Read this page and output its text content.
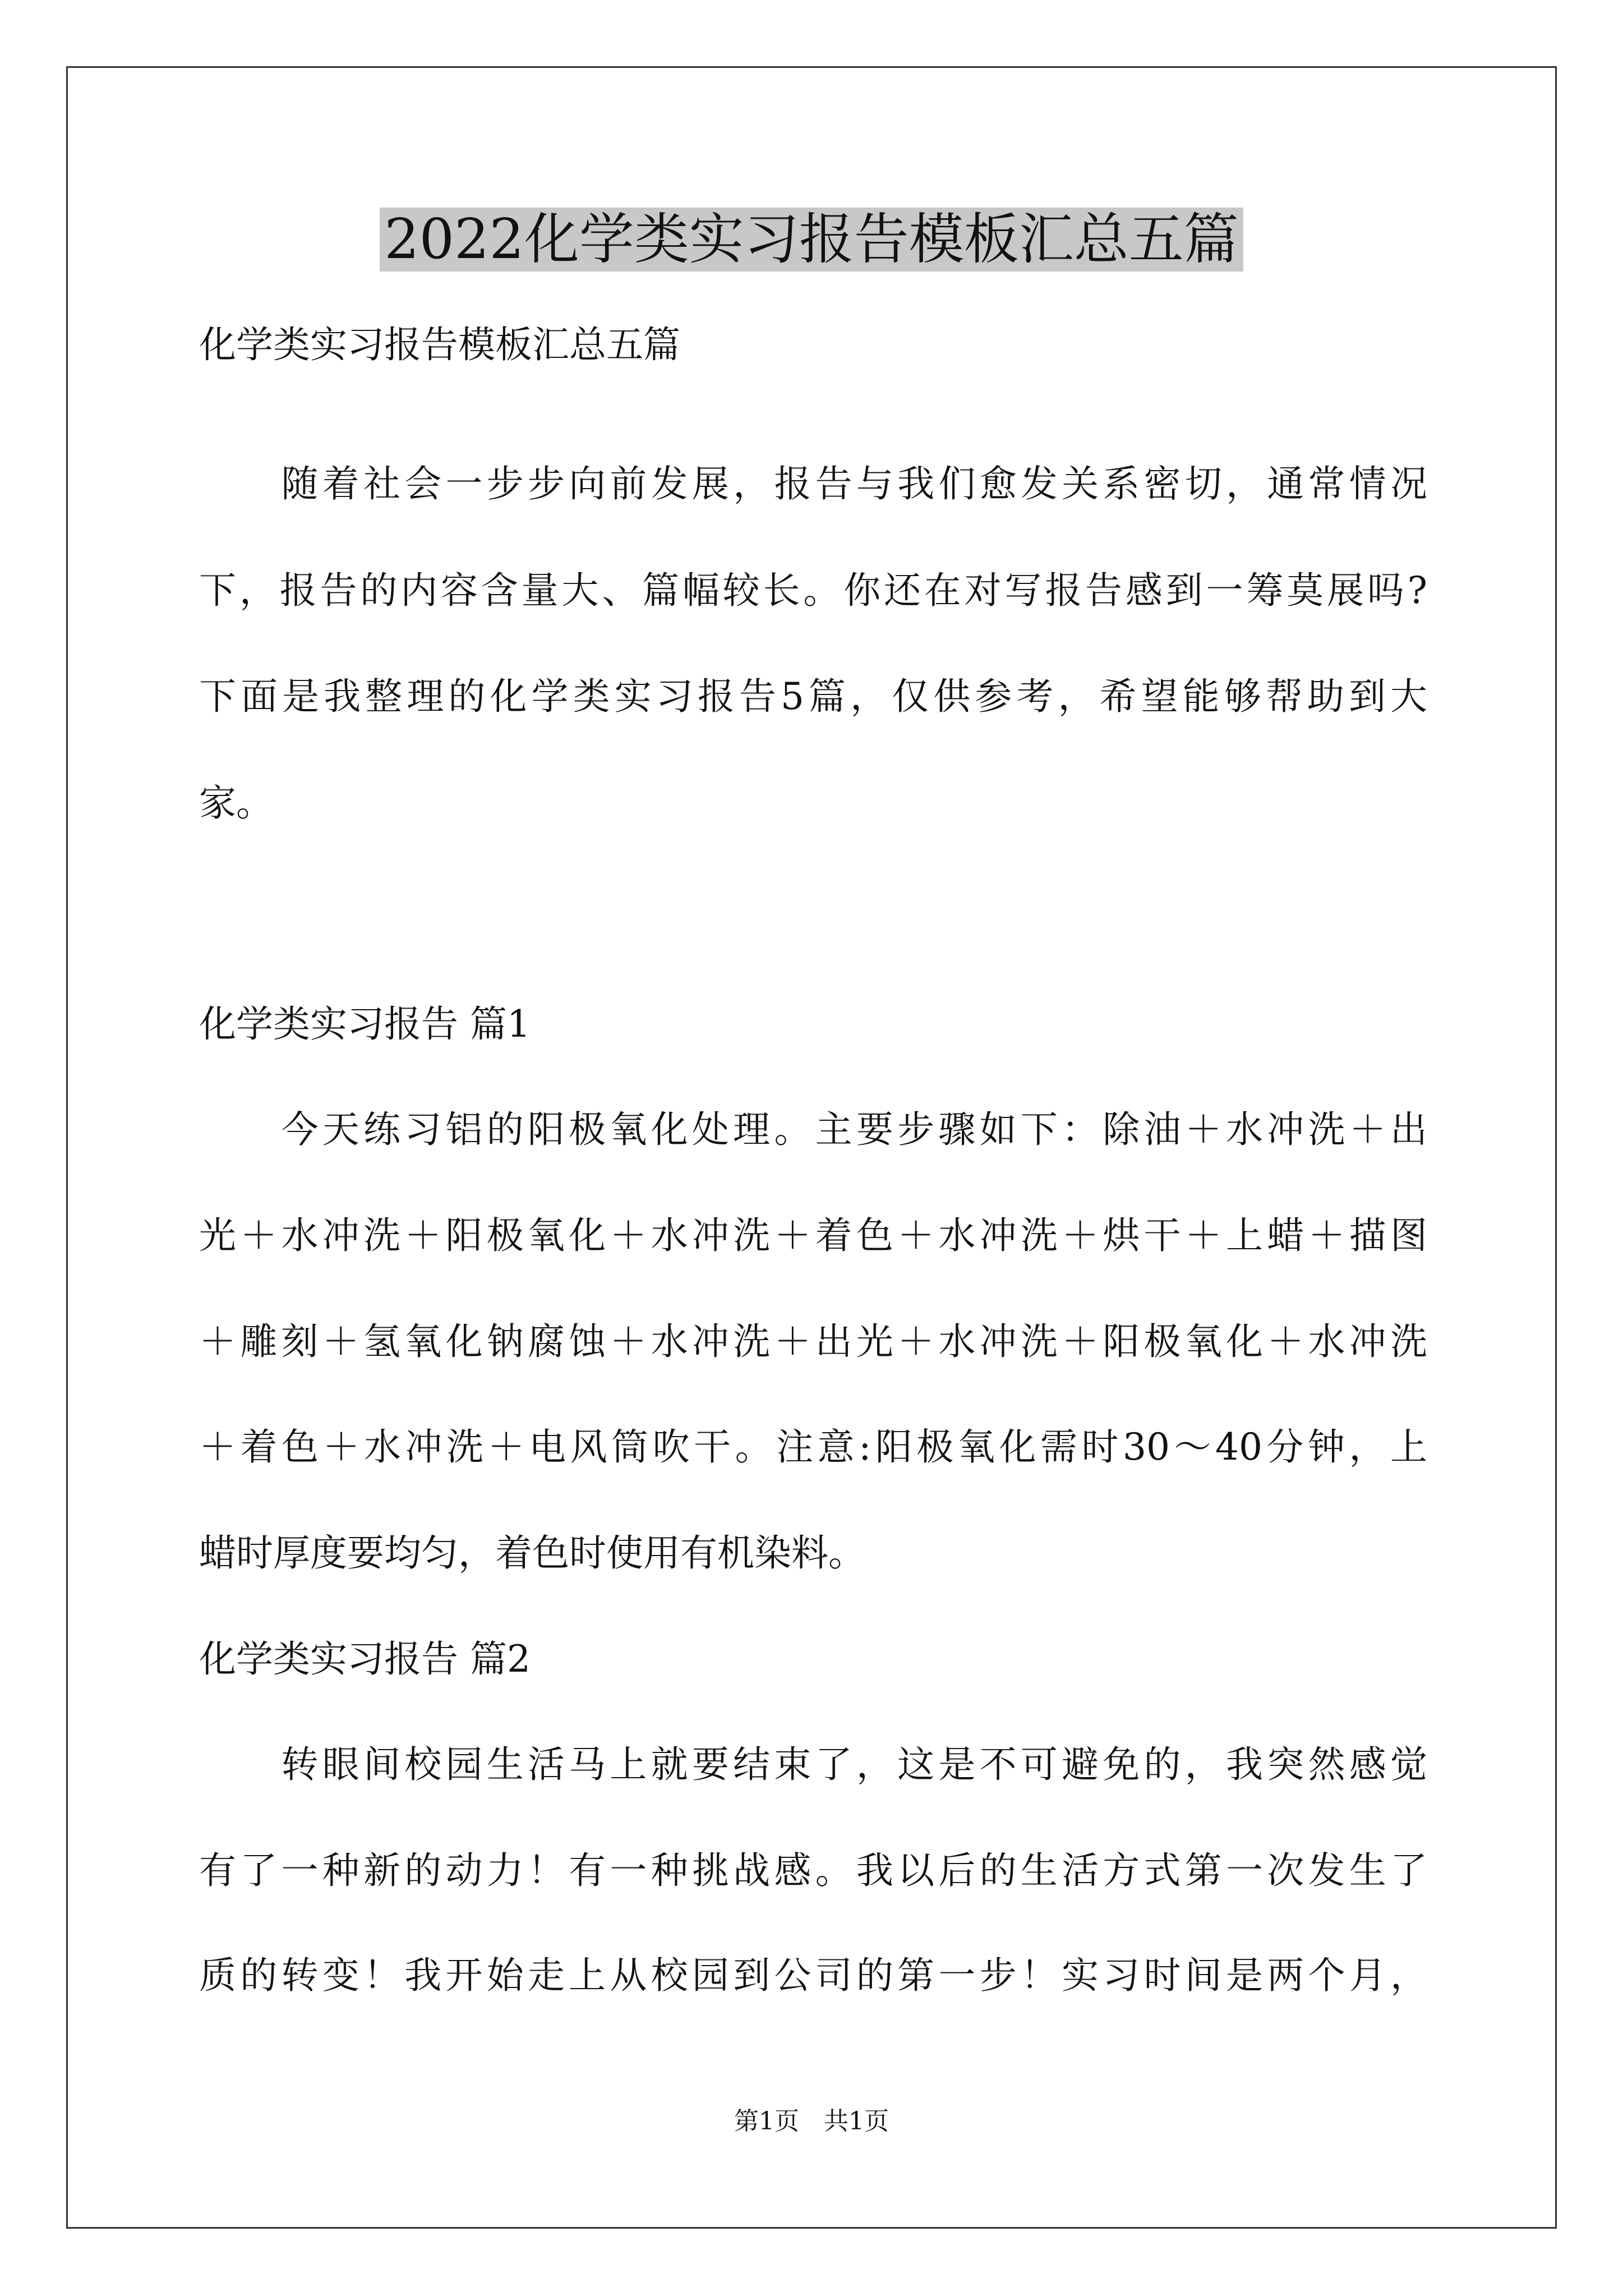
2022化学类实习报告模板汇总五篇
化学类实习报告模板汇总五篇
　　随着社会一步步向前发展，报告与我们愈发关系密切，通常情况
下，报告的内容含量大、篇幅较长。你还在对写报告感到一筹莫展吗?
下面是我整理的化学类实习报告5篇，仅供参考，希望能够帮助到大
家。
化学类实习报告 篇1
　　今天练习铝的阳极氧化处理。主要步骤如下：除油＋水冲洗＋出
光＋水冲洗＋阳极氧化＋水冲洗＋着色＋水冲洗＋烘干＋上蜡＋描图
＋雕刻＋氢氧化钠腐蚀＋水冲洗＋出光＋水冲洗＋阳极氧化＋水冲洗
＋着色＋水冲洗＋电风筒吹干。注意:阳极氧化需时30～40分钟，上
蜡时厚度要均匀，着色时使用有机染料。
化学类实习报告 篇2
　　转眼间校园生活马上就要结束了，这是不可避免的，我突然感觉
有了一种新的动力！有一种挑战感。我以后的生活方式第一次发生了
质的转变！我开始走上从校园到公司的第一步！实习时间是两个月，
第1页　共1页
